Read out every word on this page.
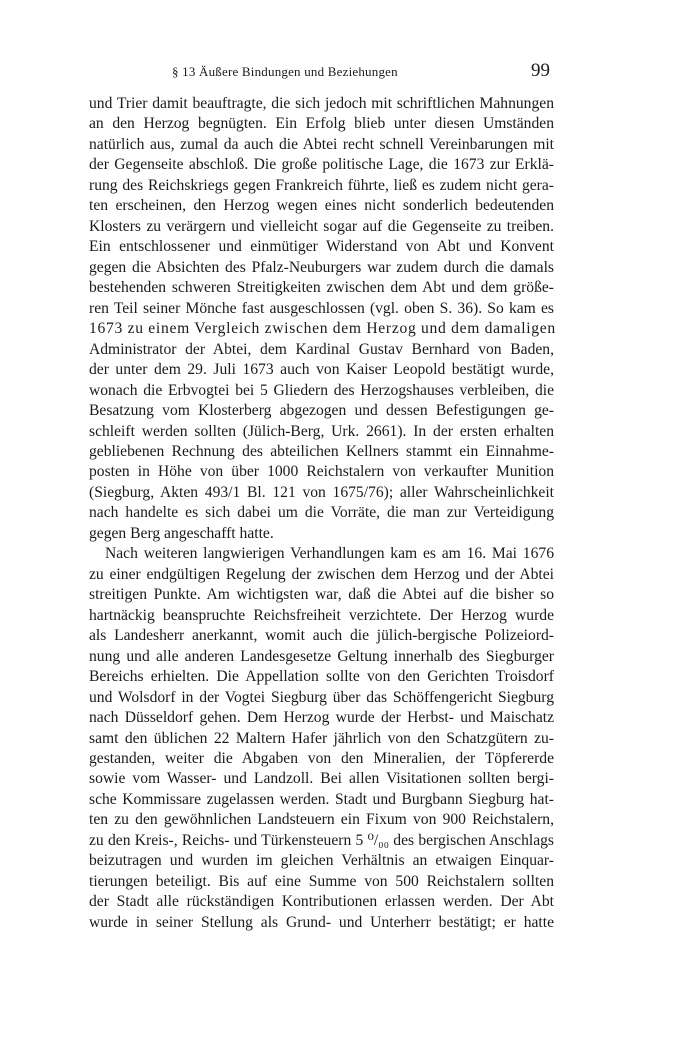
§ 13 Äußere Bindungen und Beziehungen	99
und Trier damit beauftragte, die sich jedoch mit schriftlichen Mahnungen
an den Herzog begnügten. Ein Erfolg blieb unter diesen Umständen
natürlich aus, zumal da auch die Abtei recht schnell Vereinbarungen mit
der Gegenseite abschloß. Die große politische Lage, die 1673 zur Erklä-
rung des Reichskriegs gegen Frankreich führte, ließ es zudem nicht gera-
ten erscheinen, den Herzog wegen eines nicht sonderlich bedeutenden
Klosters zu verärgern und vielleicht sogar auf die Gegenseite zu treiben.
Ein entschlossener und einmütiger Widerstand von Abt und Konvent
gegen die Absichten des Pfalz-Neuburgers war zudem durch die damals
bestehenden schweren Streitigkeiten zwischen dem Abt und dem größe-
ren Teil seiner Mönche fast ausgeschlossen (vgl. oben S. 36). So kam es
1673 zu einem Vergleich zwischen dem Herzog und dem damaligen
Administrator der Abtei, dem Kardinal Gustav Bernhard von Baden,
der unter dem 29. Juli 1673 auch von Kaiser Leopold bestätigt wurde,
wonach die Erbvogtei bei 5 Gliedern des Herzogshauses verbleiben, die
Besatzung vom Klosterberg abgezogen und dessen Befestigungen ge-
schleift werden sollten (Jülich-Berg, Urk. 2661). In der ersten erhalten
gebliebenen Rechnung des abteilichen Kellners stammt ein Einnahme-
posten in Höhe von über 1000 Reichstalern von verkaufter Munition
(Siegburg, Akten 493/1 Bl. 121 von 1675/76); aller Wahrscheinlichkeit
nach handelte es sich dabei um die Vorräte, die man zur Verteidigung
gegen Berg angeschafft hatte.
Nach weiteren langwierigen Verhandlungen kam es am 16. Mai 1676
zu einer endgültigen Regelung der zwischen dem Herzog und der Abtei
streitigen Punkte. Am wichtigsten war, daß die Abtei auf die bisher so
hartnäckig beanspruchte Reichsfreiheit verzichtete. Der Herzog wurde
als Landesherr anerkannt, womit auch die jülich-bergische Polizeiord-
nung und alle anderen Landesgesetze Geltung innerhalb des Siegburger
Bereichs erhielten. Die Appellation sollte von den Gerichten Troisdorf
und Wolsdorf in der Vogtei Siegburg über das Schöffengericht Siegburg
nach Düsseldorf gehen. Dem Herzog wurde der Herbst- und Maischatz
samt den üblichen 22 Maltern Hafer jährlich von den Schatzgütern zu-
gestanden, weiter die Abgaben von den Mineralien, der Töpfererde
sowie vom Wasser- und Landzoll. Bei allen Visitationen sollten bergi-
sche Kommissare zugelassen werden. Stadt und Burgbann Siegburg hat-
ten zu den gewöhnlichen Landsteuern ein Fixum von 900 Reichstalern,
zu den Kreis-, Reichs- und Türkensteuern 5 ⁰/₀₀ des bergischen Anschlags
beizutragen und wurden im gleichen Verhältnis an etwaigen Einquar-
tierungen beteiligt. Bis auf eine Summe von 500 Reichstalern sollten
der Stadt alle rückständigen Kontributionen erlassen werden. Der Abt
wurde in seiner Stellung als Grund- und Unterherr bestätigt; er hatte
